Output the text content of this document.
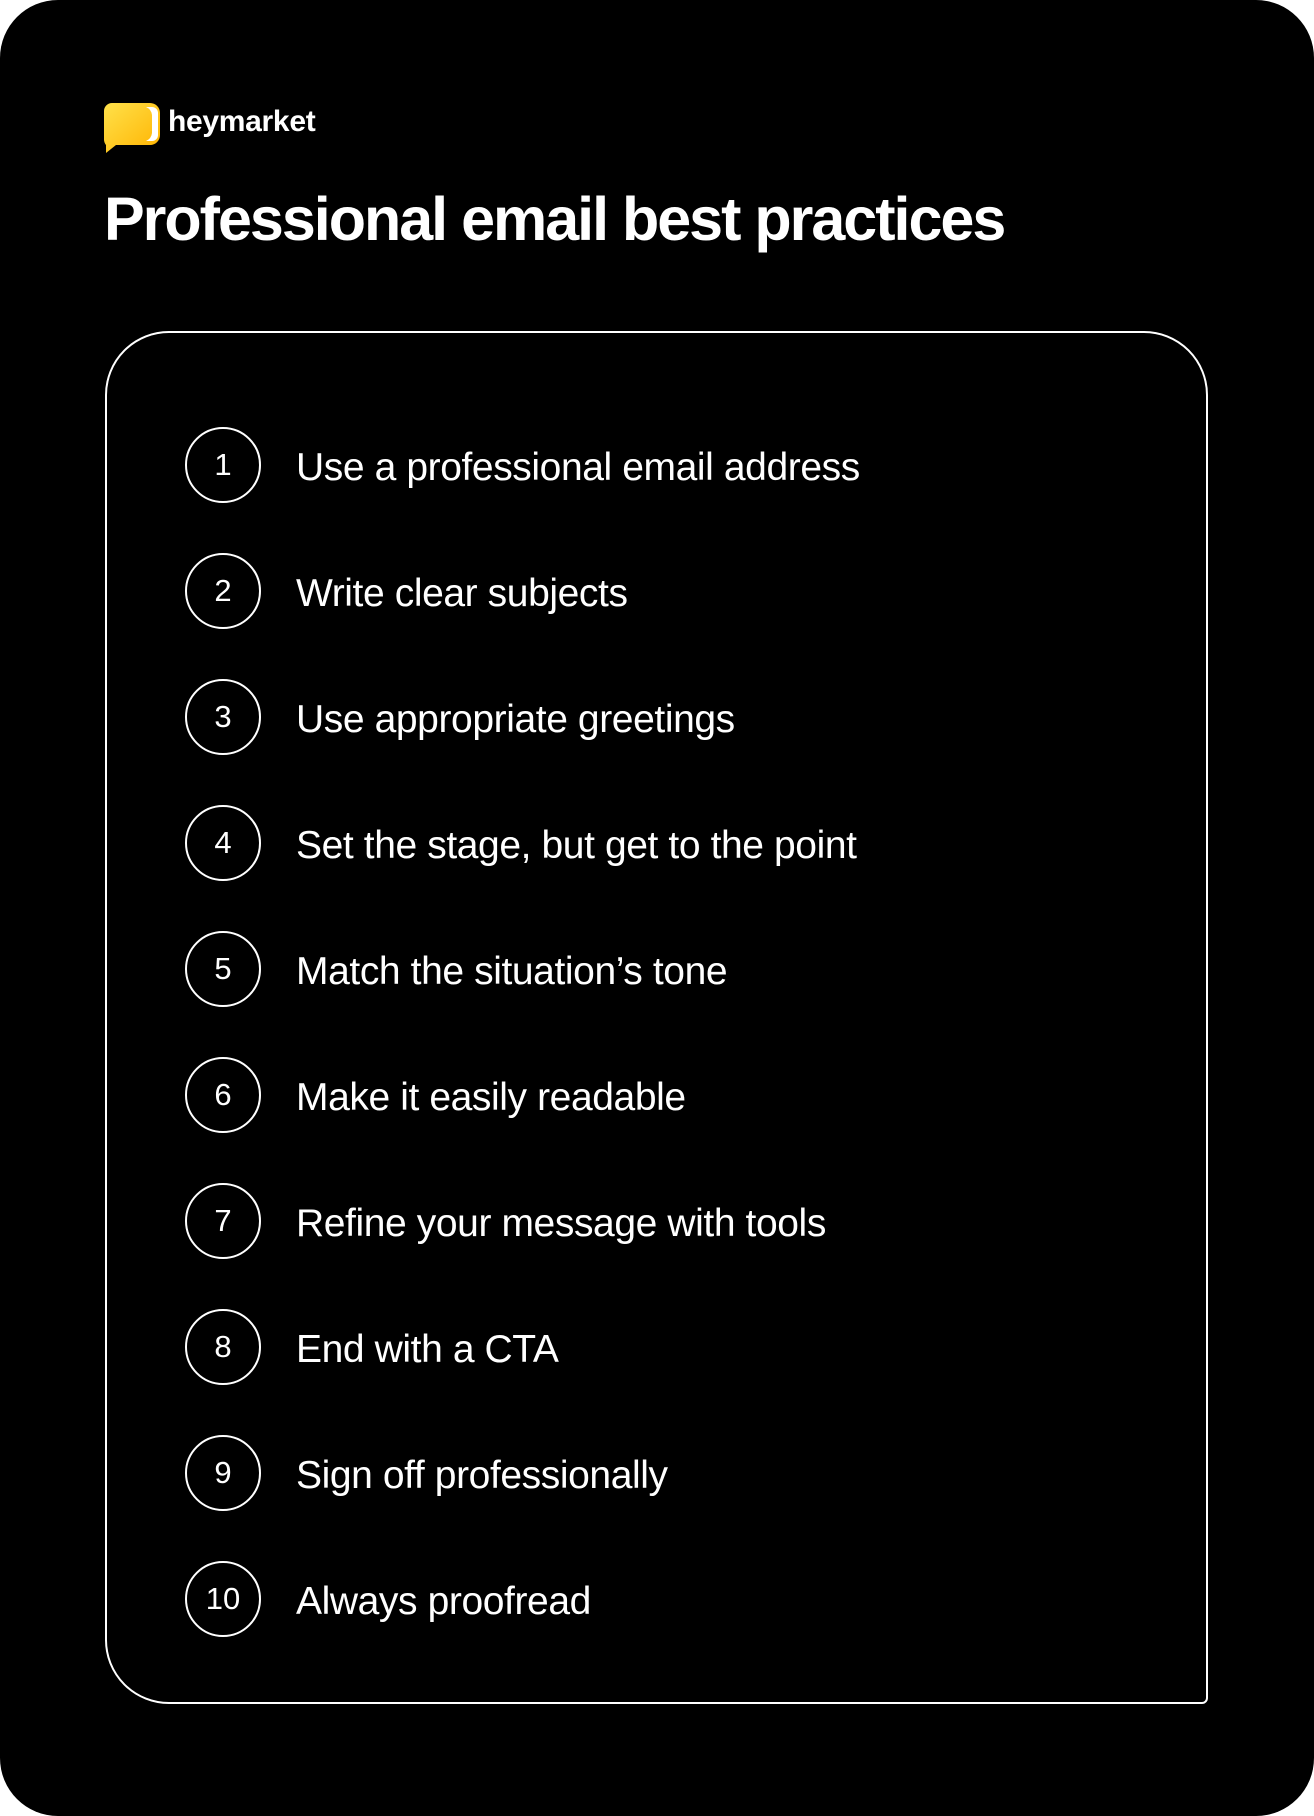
heymarket
Professional email best practices
1	Use a professional email address
2	Write clear subjects
3	Use appropriate greetings
4	Set the stage, but get to the point
5	Match the situation’s tone
6	Make it easily readable
7	Refine your message with tools
8	End with a CTA
9	Sign off professionally
10	Always proofread
